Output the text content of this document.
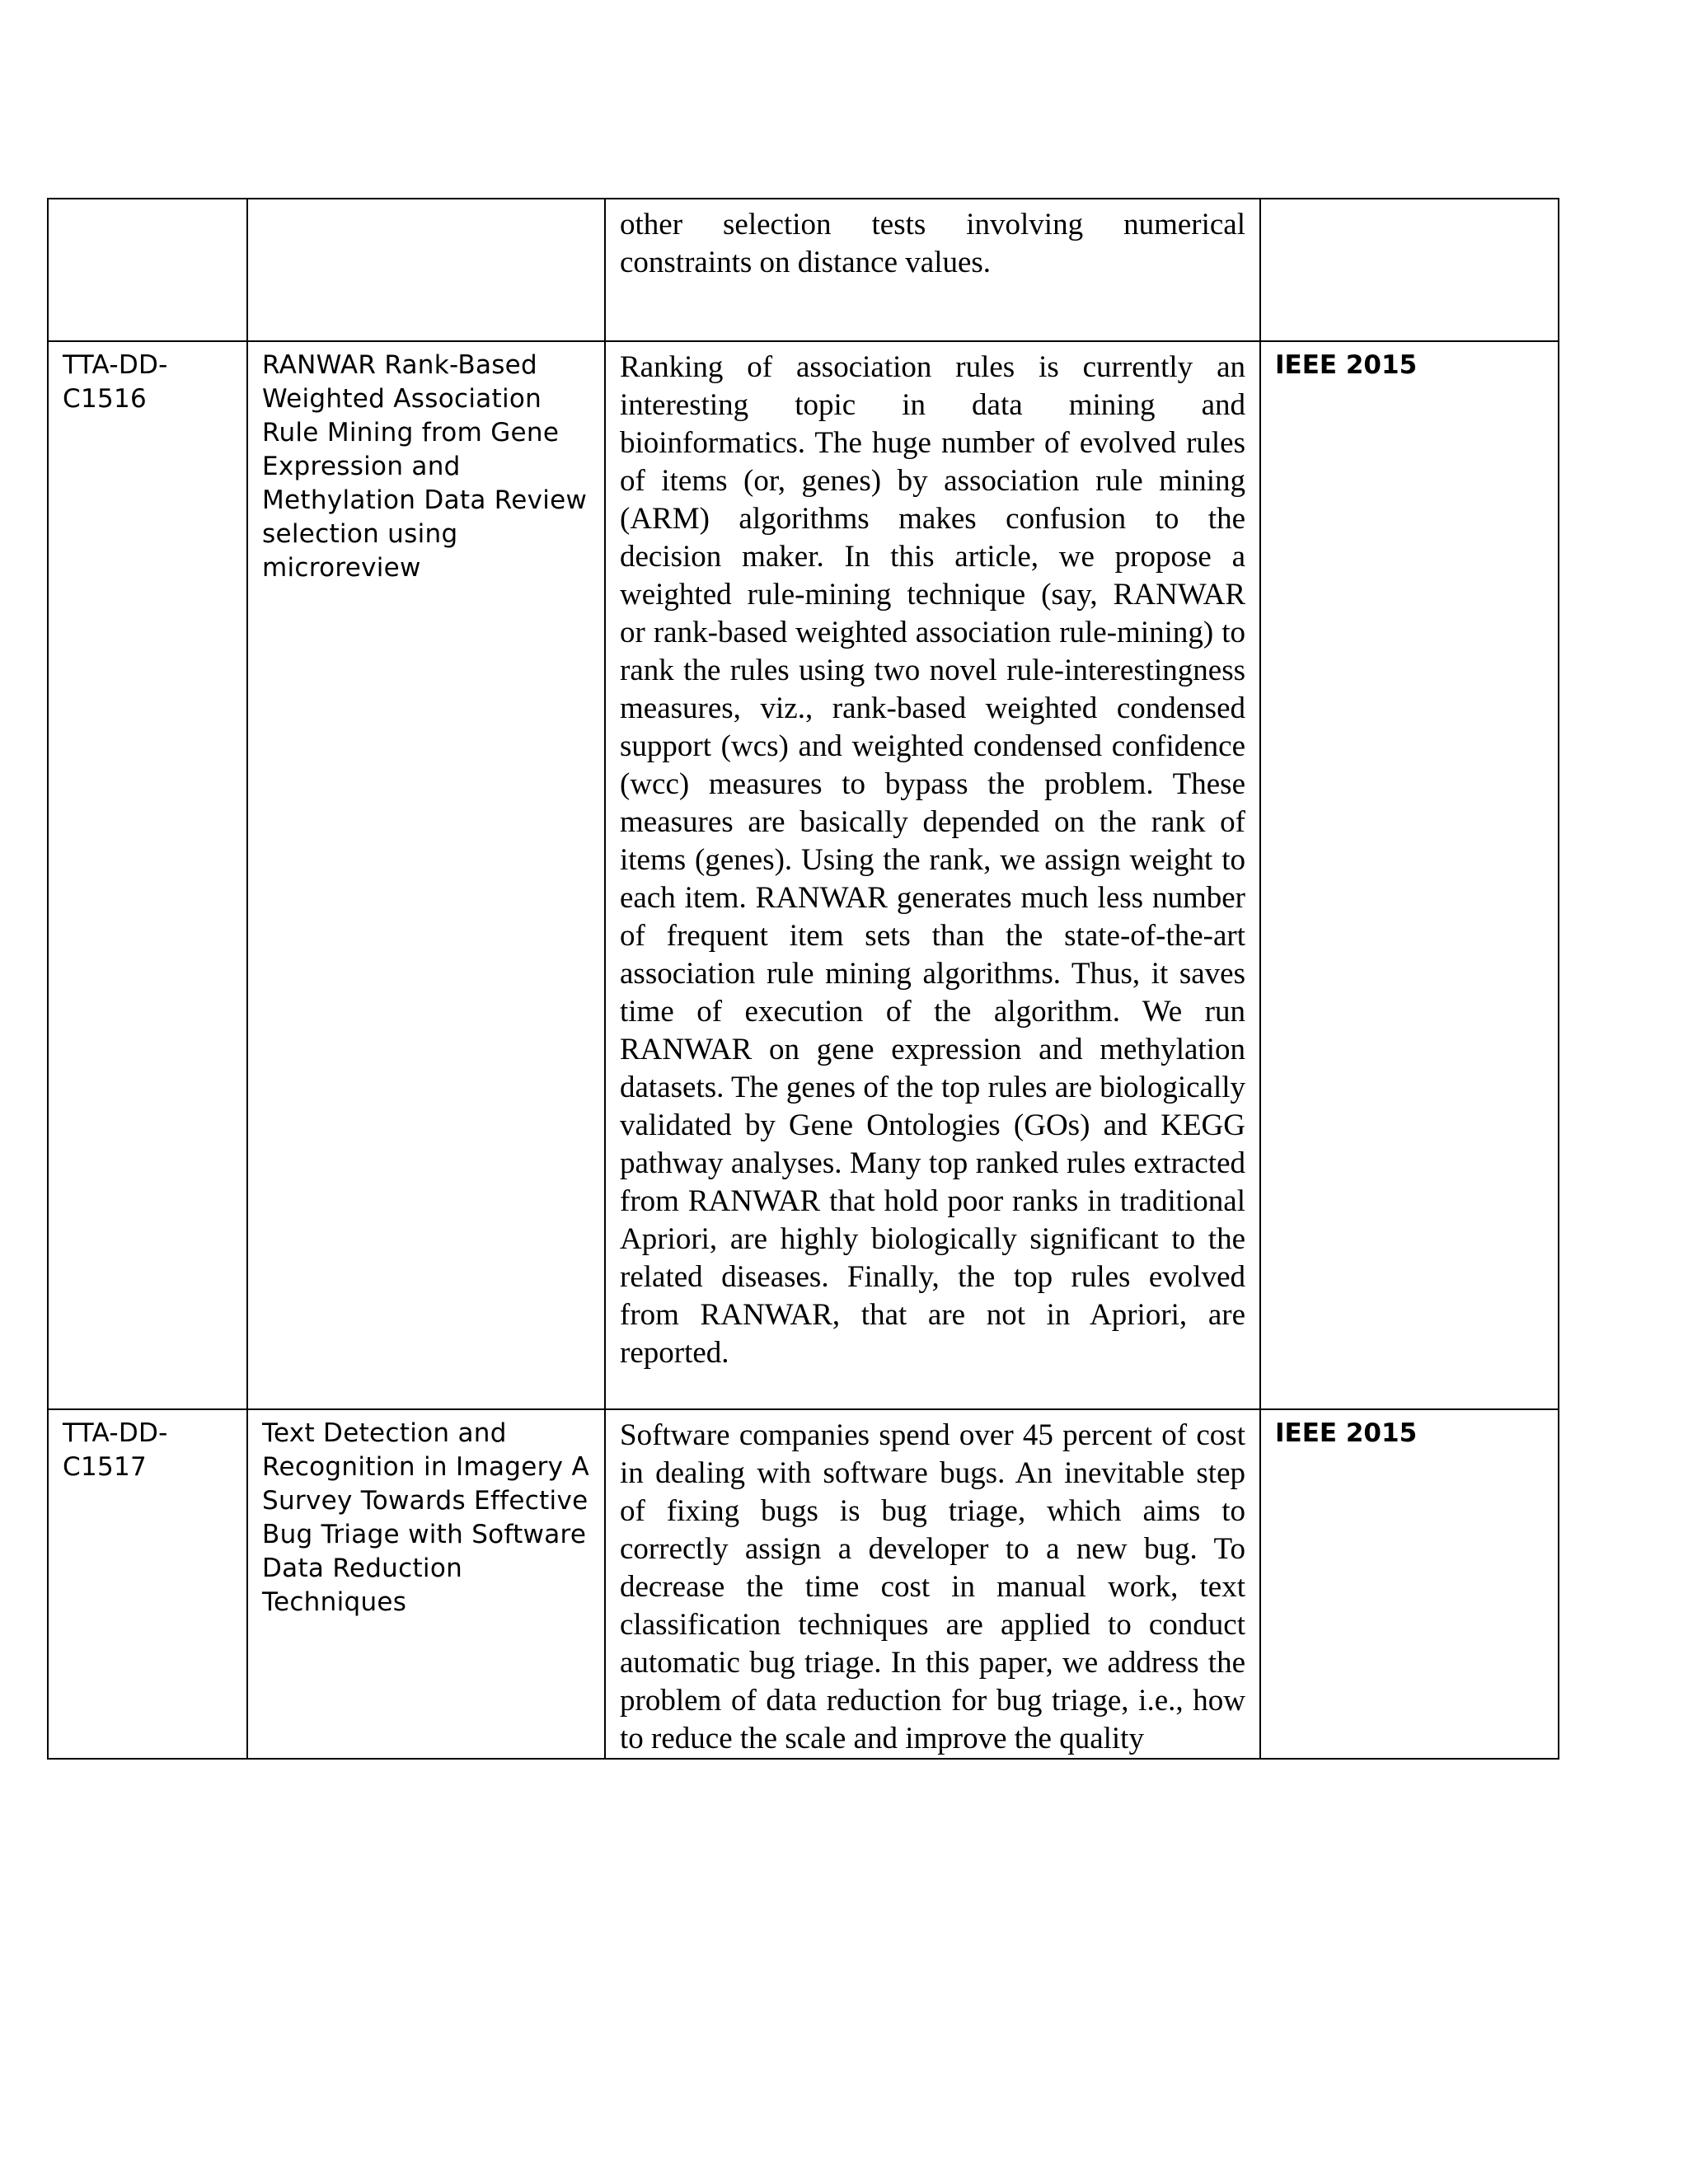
		other selection tests involving numerical constraints on distance values.	

TTA-DD-C1516	RANWAR Rank-Based Weighted Association Rule Mining from Gene Expression and Methylation Data Review selection using microreview	Ranking of association rules is currently an interesting topic in data mining and bioinformatics. The huge number of evolved rules of items (or, genes) by association rule mining (ARM) algorithms makes confusion to the decision maker. In this article, we propose a weighted rule-mining technique (say, RANWAR or rank-based weighted association rule-mining) to rank the rules using two novel rule-interestingness measures, viz., rank-based weighted condensed support (wcs) and weighted condensed confidence (wcc) measures to bypass the problem. These measures are basically depended on the rank of items (genes). Using the rank, we assign weight to each item. RANWAR generates much less number of frequent item sets than the state-of-the-art association rule mining algorithms. Thus, it saves time of execution of the algorithm. We run RANWAR on gene expression and methylation datasets. The genes of the top rules are biologically validated by Gene Ontologies (GOs) and KEGG pathway analyses. Many top ranked rules extracted from RANWAR that hold poor ranks in traditional Apriori, are highly biologically significant to the related diseases. Finally, the top rules evolved from RANWAR, that are not in Apriori, are reported.	IEEE 2015
TTA-DD-C1517	Text Detection and Recognition in Imagery A Survey Towards Effective Bug Triage with Software Data Reduction Techniques	Software companies spend over 45 percent of cost in dealing with software bugs. An inevitable step of fixing bugs is bug triage, which aims to correctly assign a developer to a new bug. To decrease the time cost in manual work, text classification techniques are applied to conduct automatic bug triage. In this paper, we address the problem of data reduction for bug triage, i.e., how to reduce the scale and improve the quality	IEEE 2015
